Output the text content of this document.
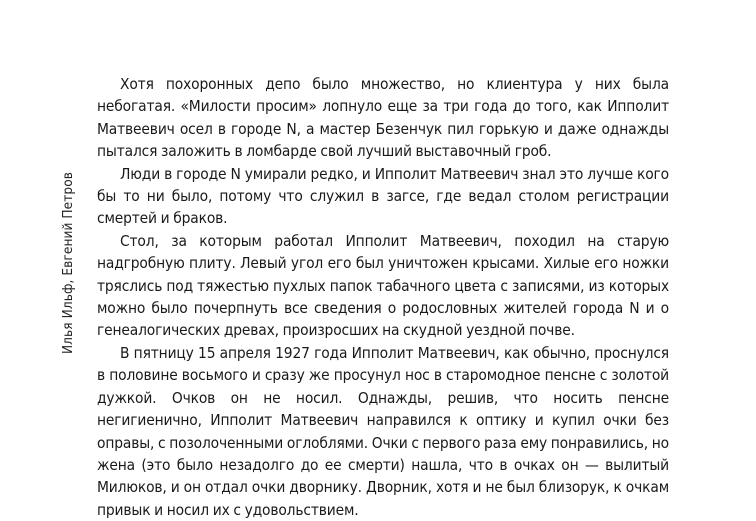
Илья Ильф, Евгений Петров

Хотя похоронных депо было множество, но клиентура у них была небогатая. «Милости просим» лопнуло еще за три года до того, как Ипполит Матвеевич осел в городе N, а мастер Безенчук пил горькую и даже однажды пытался заложить в ломбарде свой лучший выставочный гроб.

Люди в городе N умирали редко, и Ипполит Матвеевич знал это лучше кого бы то ни было, потому что служил в загсе, где ведал столом регистрации смертей и браков.

Стол, за которым работал Ипполит Матвеевич, походил на старую надгробную плиту. Левый угол его был уничтожен крысами. Хилые его ножки тряслись под тяжестью пухлых папок табачного цвета с записями, из которых можно было почерпнуть все сведения о родословных жителей города N и о генеалогических древах, произросших на скудной уездной почве.

В пятницу 15 апреля 1927 года Ипполит Матвеевич, как обычно, проснулся в половине восьмого и сразу же просунул нос в старомодное пенсне с золотой дужкой. Очков он не носил. Однажды, решив, что носить пенсне негигиенично, Ипполит Матвеевич направился к оптику и купил очки без оправы, с позолоченными оглоблями. Очки с первого раза ему понравились, но жена (это было незадолго до ее смерти) нашла, что в очках он — вылитый Милюков, и он отдал очки дворнику. Дворник, хотя и не был близорук, к очкам привык и носил их с удовольствием.
